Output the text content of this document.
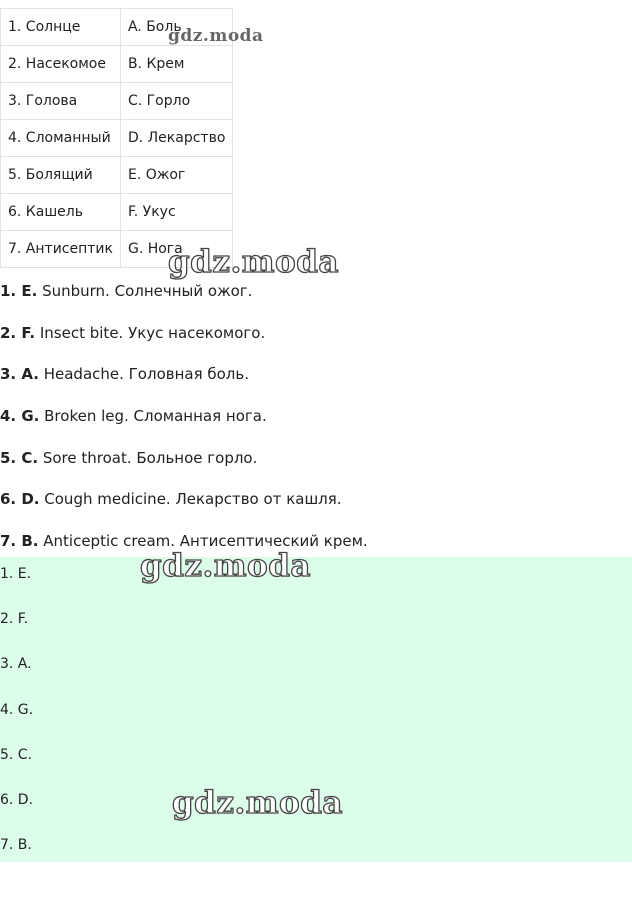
1. Солнце	A. Боль
2. Насекомое	B. Крем
3. Голова	C. Горло
4. Сломанный	D. Лекарство
5. Болящий	E. Ожог
6. Кашель	F. Укус
7. Антисептик	G. Нога
1. E. Sunburn. Солнечный ожог.
2. F. Insect bite. Укус насекомого.
3. A. Headache. Головная боль.
4. G. Broken leg. Сломанная нога.
5. C. Sore throat. Больное горло.
6. D. Cough medicine. Лекарство от кашля.
7. B. Anticeptic cream. Антисептический крем.
1. E.
2. F.
3. A.
4. G.
5. C.
6. D.
7. B.
gdz.moda
gdz.moda
gdz.moda
gdz.moda
